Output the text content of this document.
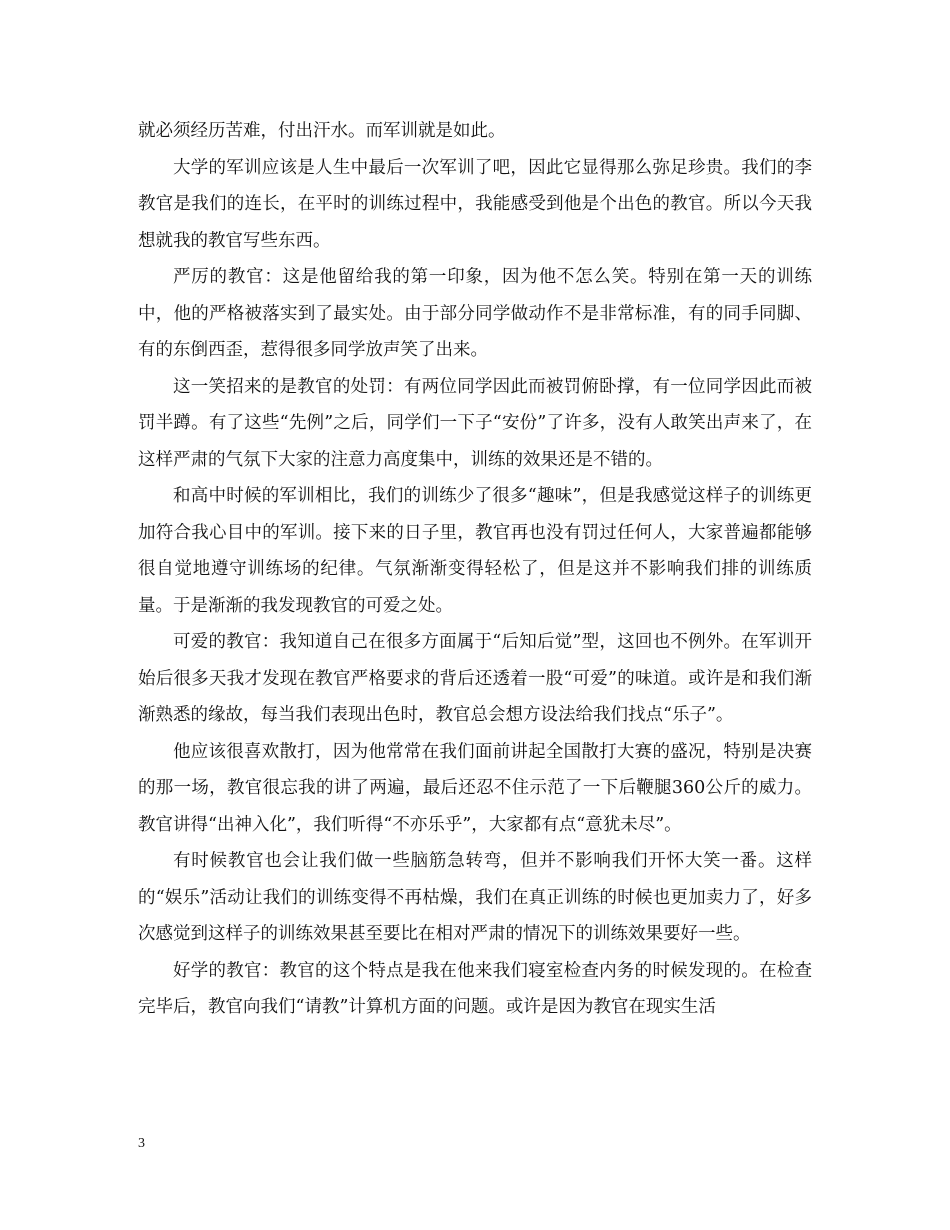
就必须经历苦难，付出汗水。而军训就是如此。

大学的军训应该是人生中最后一次军训了吧，因此它显得那么弥足珍贵。我们的李教官是我们的连长，在平时的训练过程中，我能感受到他是个出色的教官。所以今天我想就我的教官写些东西。

严厉的教官：这是他留给我的第一印象，因为他不怎么笑。特别在第一天的训练中，他的严格被落实到了最实处。由于部分同学做动作不是非常标准，有的同手同脚、有的东倒西歪，惹得很多同学放声笑了出来。

这一笑招来的是教官的处罚：有两位同学因此而被罚俯卧撑，有一位同学因此而被罚半蹲。有了这些“先例”之后，同学们一下子“安份”了许多，没有人敢笑出声来了，在这样严肃的气氛下大家的注意力高度集中，训练的效果还是不错的。

和高中时候的军训相比，我们的训练少了很多“趣味”，但是我感觉这样子的训练更加符合我心目中的军训。接下来的日子里，教官再也没有罚过任何人，大家普遍都能够很自觉地遵守训练场的纪律。气氛渐渐变得轻松了，但是这并不影响我们排的训练质量。于是渐渐的我发现教官的可爱之处。

可爱的教官：我知道自己在很多方面属于“后知后觉”型，这回也不例外。在军训开始后很多天我才发现在教官严格要求的背后还透着一股“可爱”的味道。或许是和我们渐渐熟悉的缘故，每当我们表现出色时，教官总会想方设法给我们找点“乐子”。

他应该很喜欢散打，因为他常常在我们面前讲起全国散打大赛的盛况，特别是决赛的那一场，教官很忘我的讲了两遍，最后还忍不住示范了一下后鞭腿360公斤的威力。教官讲得“出神入化”，我们听得“不亦乐乎”，大家都有点“意犹未尽”。

有时候教官也会让我们做一些脑筋急转弯，但并不影响我们开怀大笑一番。这样的“娱乐”活动让我们的训练变得不再枯燥，我们在真正训练的时候也更加卖力了，好多次感觉到这样子的训练效果甚至要比在相对严肃的情况下的训练效果要好一些。

好学的教官：教官的这个特点是我在他来我们寝室检查内务的时候发现的。在检查完毕后，教官向我们“请教”计算机方面的问题。或许是因为教官在现实生活

3
